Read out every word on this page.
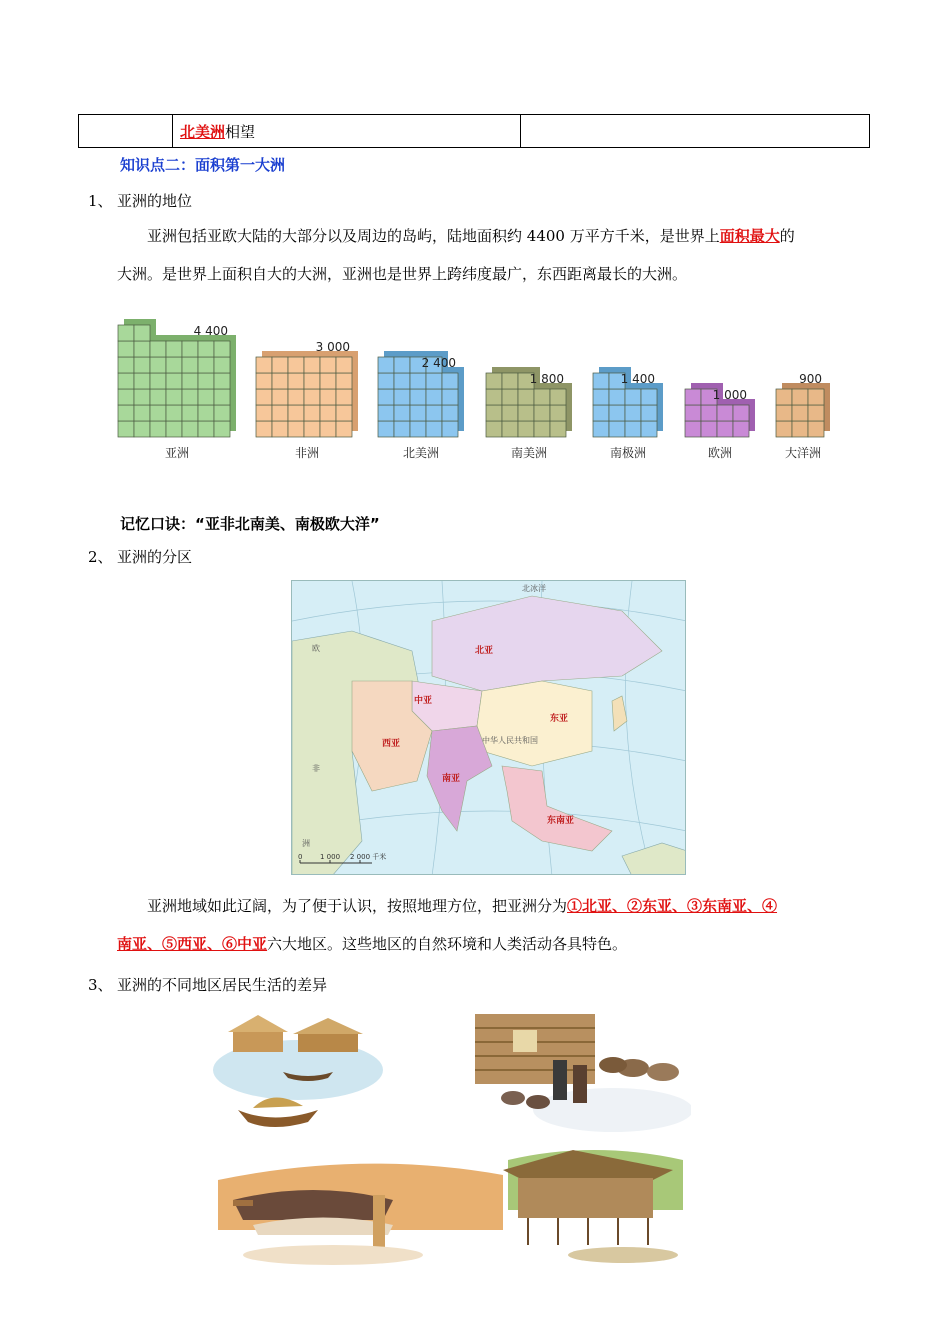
北美洲 相望
知识点二：面积第一大洲
1、 亚洲的地位
亚洲包括亚欧大陆的大部分以及周边的岛屿，陆地面积约 4400 万平方千米，是世界上面积最大的
大洲。是世界上面积自大的大洲，亚洲也是世界上跨纬度最广，东西距离最长的大洲。
4 400
亚洲
3 000
非洲
2 400
北美洲
1 800
南美洲
1 400
南极洲
1 000
欧洲
900
大洋洲
记忆口诀：“亚非北南美、南极欧大洋”
2、 亚洲的分区
北亚
中亚
东亚
西亚
南亚
东南亚
中华人民共和国
欧
非
北冰洋
洲
0	1 000 2 000 千米
亚洲地域如此辽阔，为了便于认识，按照地理方位，把亚洲分为①北亚、②东亚、③东南亚、④
南亚、⑤西亚、⑥中亚六大地区。这些地区的自然环境和人类活动各具特色。
3、 亚洲的不同地区居民生活的差异
